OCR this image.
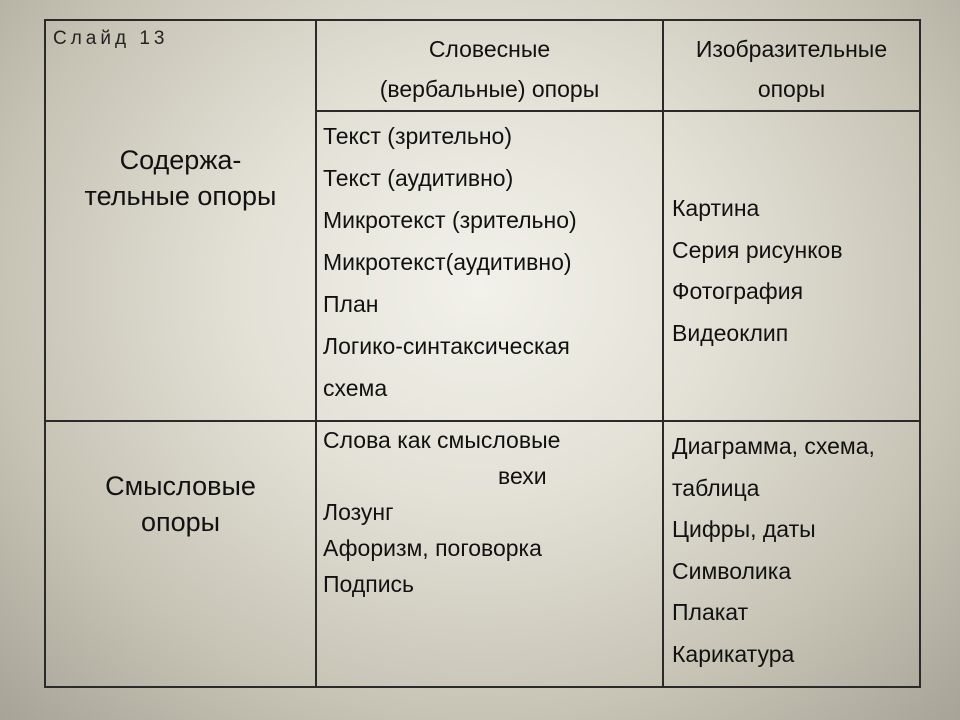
Слайд 13	Словесные
(вербальные) опоры
Изобразительные
опоры
Содержа-
тельные опоры
Текст (зрительно)
Текст (аудитивно)
Микротекст (зрительно)
Микротекст(аудитивно)
План
Логико-синтаксическая
схема
Картина
Серия рисунков
Фотография
Видеоклип
Смысловые
опоры
Слова как смысловые
вехи
Лозунг
Афоризм, поговорка
Подпись
Диаграмма, схема,
таблица
Цифры, даты
Символика
Плакат
Карикатура
